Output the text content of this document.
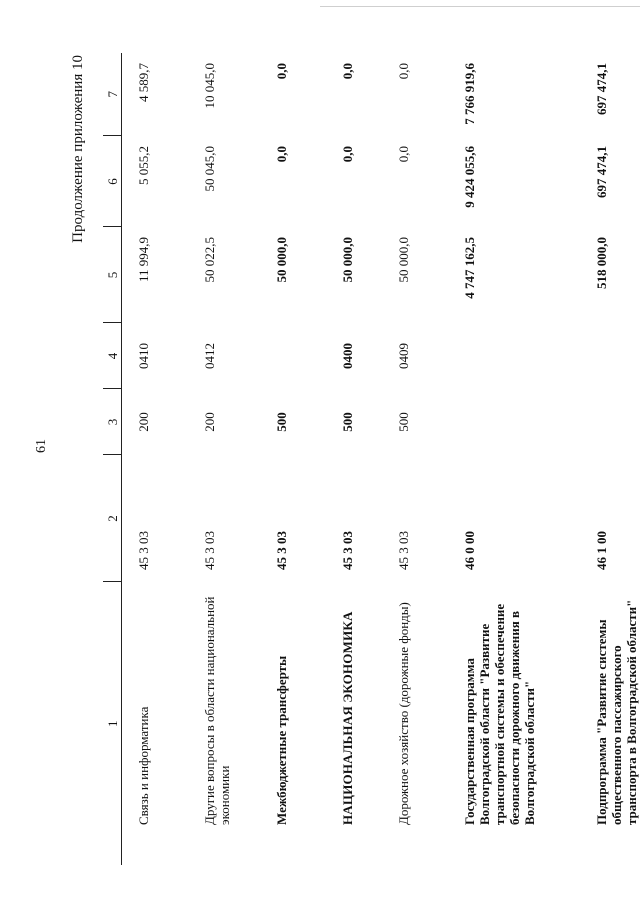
61
Продолжение приложения 10
1	2	3	4	5	6	7
Связь и информатика	45 3 03	200	0410	11 994,9	5 055,2	4 589,7
Другие вопросы в области национальной экономики	45 3 03	200	0412	50 022,5	50 045,0	10 045,0
Межбюджетные трансферты	45 3 03	500		50 000,0	0,0	0,0
НАЦИОНАЛЬНАЯ ЭКОНОМИКА	45 3 03	500	0400	50 000,0	0,0	0,0
Дорожное хозяйство (дорожные фонды)	45 3 03	500	0409	50 000,0	0,0	0,0
Государственная программа Волгоградской области "Развитие транспортной системы и обеспечение безопасности дорожного движения в Волгоградской области"	46 0 00			4 747 162,5	9 424 055,6	7 766 919,6
Подпрограмма "Развитие системы общественного пассажирского транспорта в Волгоградской области"	46 1 00			518 000,0	697 474,1	697 474,1
